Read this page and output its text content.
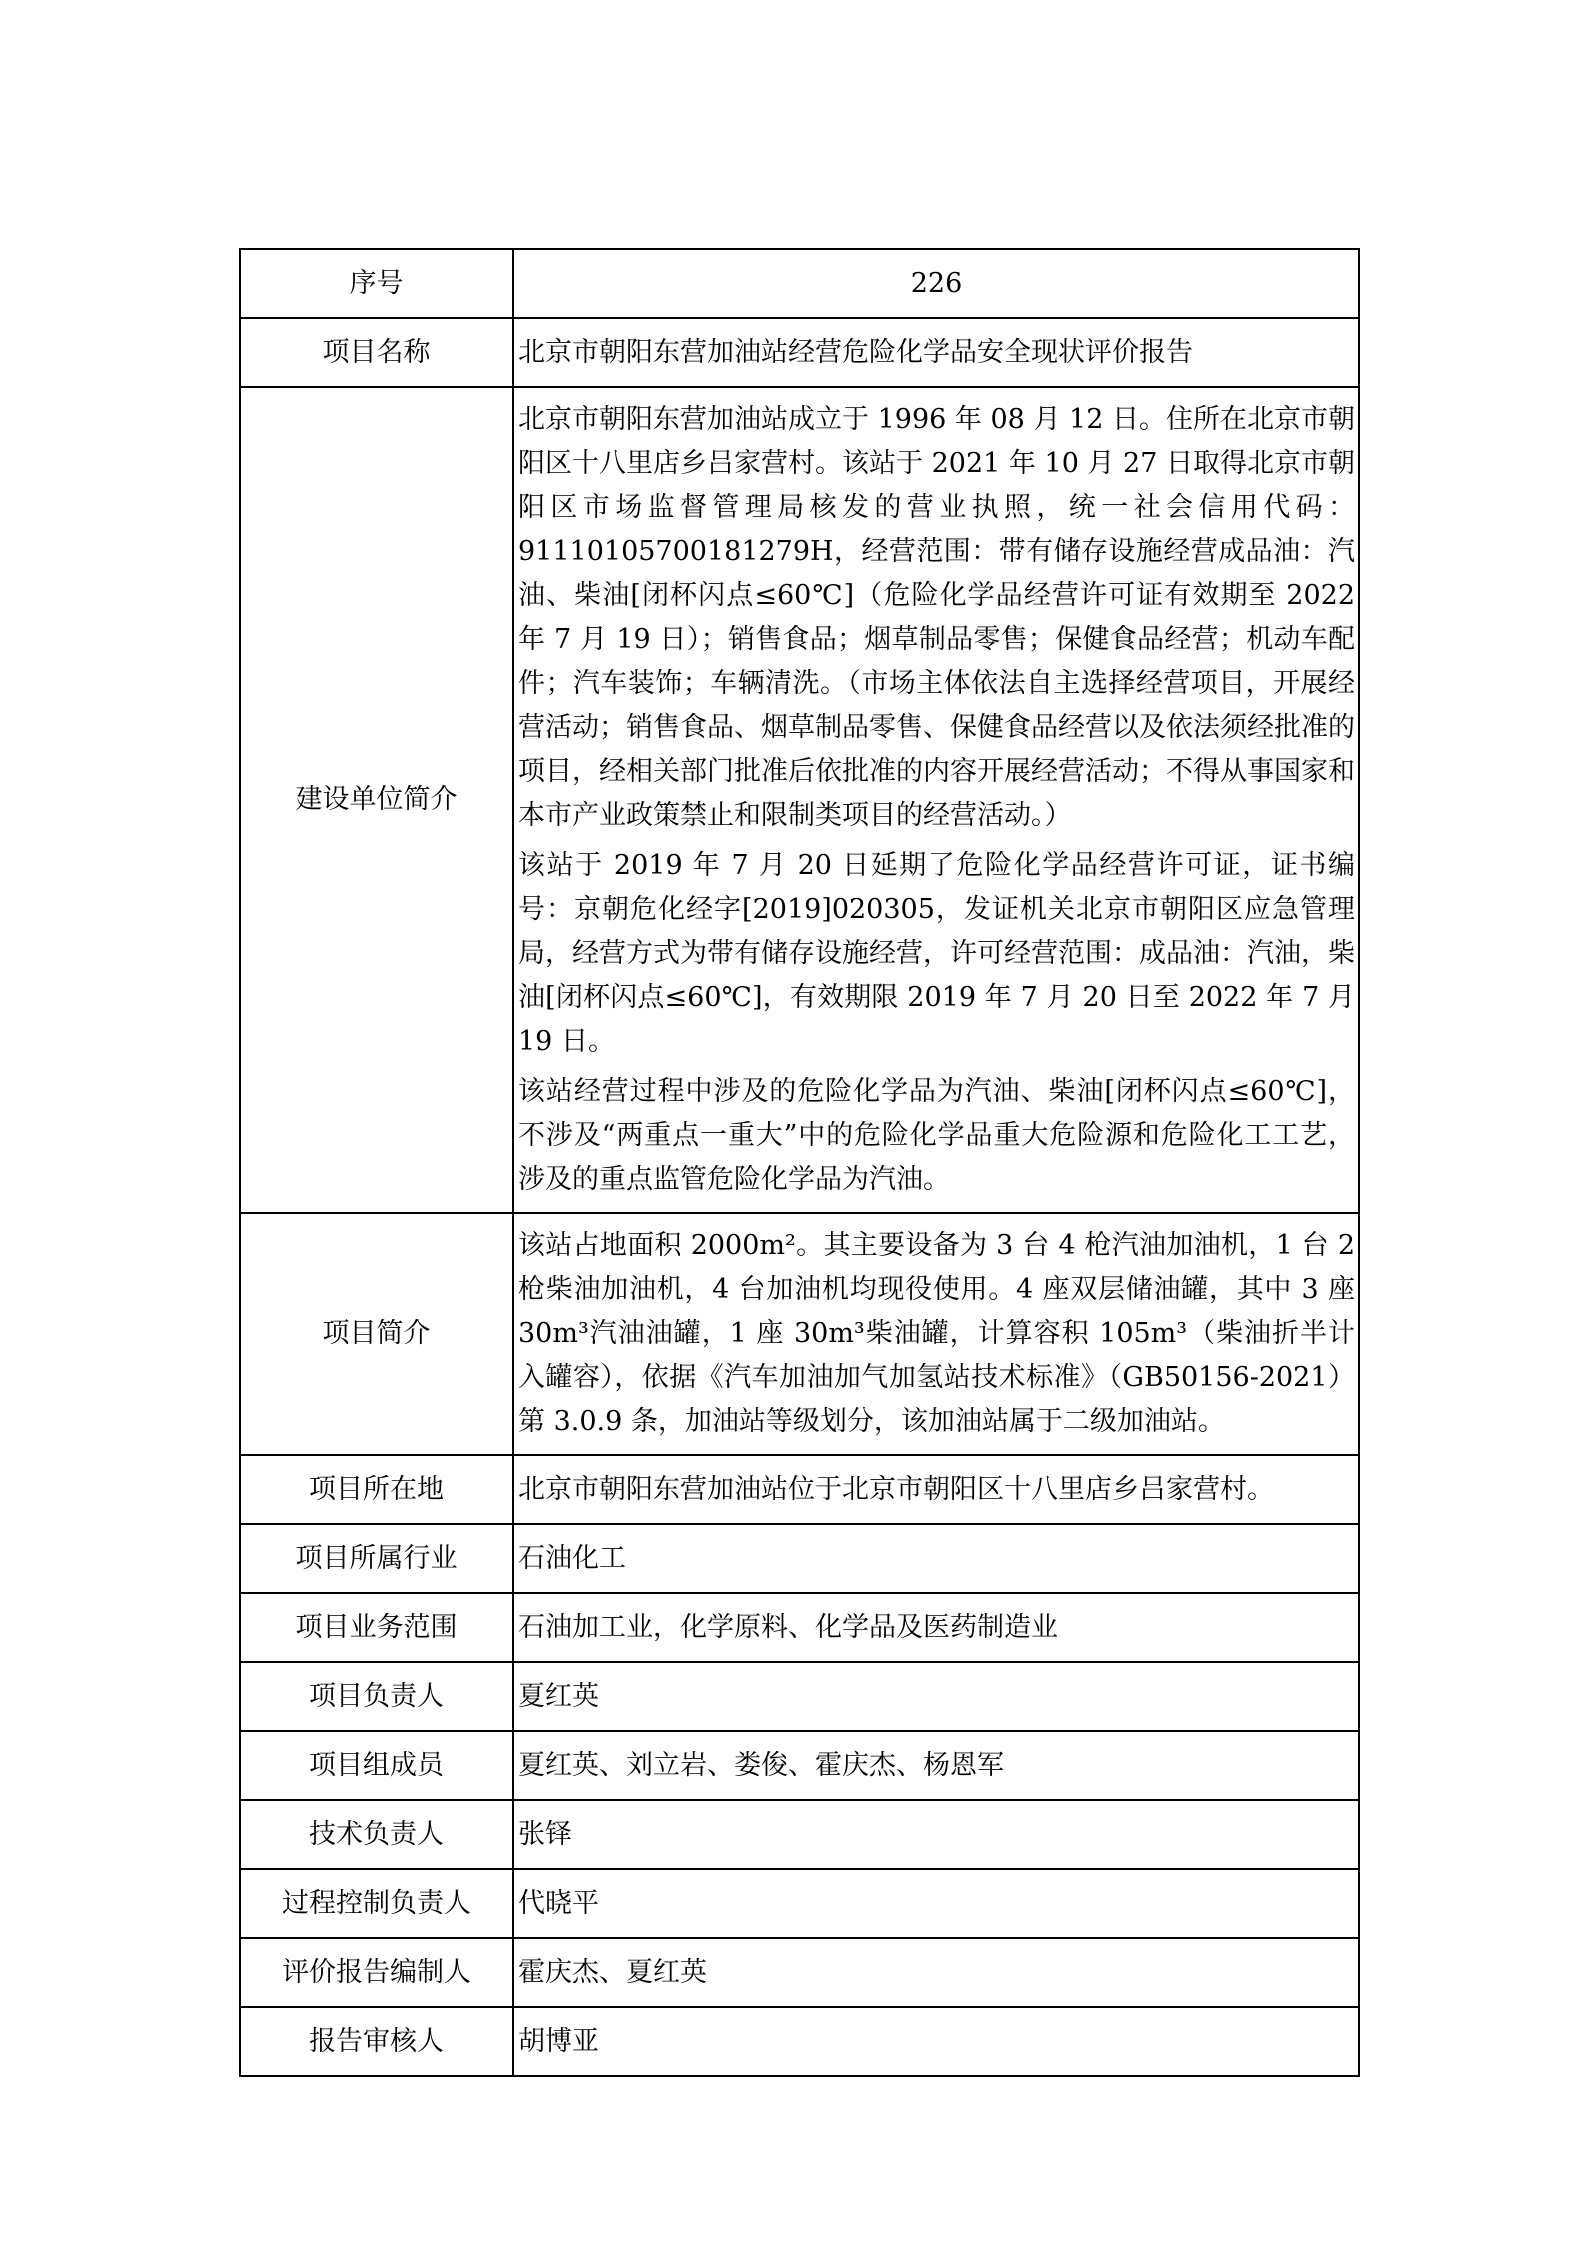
序号	226
项目名称	北京市朝阳东营加油站经营危险化学品安全现状评价报告
建设单位简介	北京市朝阳东营加油站成立于 1996 年 08 月 12 日。住所在北京市朝阳区十八里店乡吕家营村。该站于 2021 年 10 月 27 日取得北京市朝阳区市场监督管理局核发的营业执照，统一社会信用代码：91110105700181279H，经营范围：带有储存设施经营成品油：汽油、柴油[闭杯闪点≤60℃]（危险化学品经营许可证有效期至 2022 年 7 月 19 日）；销售食品；烟草制品零售；保健食品经营；机动车配件；汽车装饰；车辆清洗。（市场主体依法自主选择经营项目，开展经营活动；销售食品、烟草制品零售、保健食品经营以及依法须经批准的项目，经相关部门批准后依批准的内容开展经营活动；不得从事国家和本市产业政策禁止和限制类项目的经营活动。）
该站于 2019 年 7 月 20 日延期了危险化学品经营许可证，证书编号：京朝危化经字[2019]020305，发证机关北京市朝阳区应急管理局，经营方式为带有储存设施经营，许可经营范围：成品油：汽油，柴油[闭杯闪点≤60℃]，有效期限 2019 年 7 月 20 日至 2022 年 7 月 19 日。
该站经营过程中涉及的危险化学品为汽油、柴油[闭杯闪点≤60℃]，不涉及“两重点一重大”中的危险化学品重大危险源和危险化工工艺，涉及的重点监管危险化学品为汽油。

项目简介	该站占地面积 2000m²。其主要设备为 3 台 4 枪汽油加油机，1 台 2 枪柴油加油机，4 台加油机均现役使用。4 座双层储油罐，其中 3 座 30m³汽油油罐，1 座 30m³柴油罐，计算容积 105m³（柴油折半计入罐容），依据《汽车加油加气加氢站技术标准》（GB50156-2021）第 3.0.9 条，加油站等级划分，该加油站属于二级加油站。

项目所在地	北京市朝阳东营加油站位于北京市朝阳区十八里店乡吕家营村。
项目所属行业	石油化工
项目业务范围	石油加工业，化学原料、化学品及医药制造业
项目负责人	夏红英
项目组成员	夏红英、刘立岩、娄俊、霍庆杰、杨恩军
技术负责人	张铎
过程控制负责人	代晓平
评价报告编制人	霍庆杰、夏红英
报告审核人	胡博亚
